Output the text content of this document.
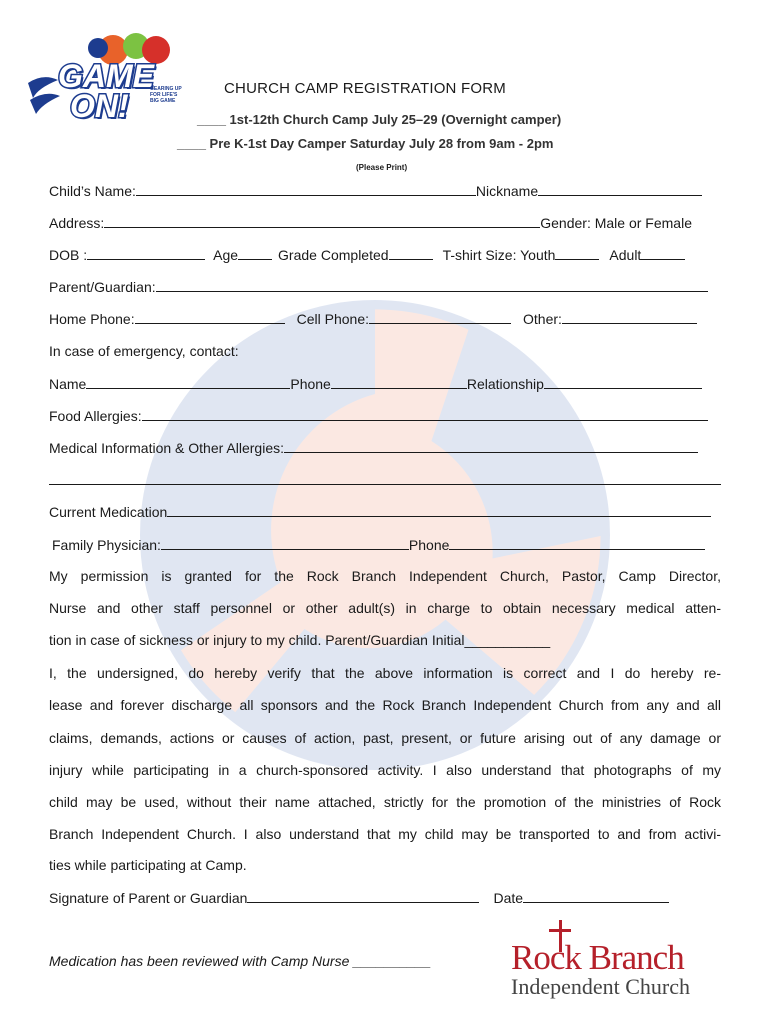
GAME
ON!	GEARING UP FOR LIFE'S BIG GAME
CHURCH CAMP REGISTRATION FORM
____ 1st-12th Church Camp July 25–29 (Overnight camper)
____ Pre K-1st Day Camper Saturday July 28 from 9am - 2pm
(Please Print)
Child’s Name:	Nickname
Address:	Gender: Male or Female
DOB :	Age	Grade Completed	T-shirt Size: Youth	Adult
Parent/Guardian:
Home Phone:	Cell Phone:	Other:
In case of emergency, contact:
Name	Phone	Relationship
Food Allergies:
Medical Information & Other Allergies:
Current Medication
Family Physician:	Phone
My permission is granted for the Rock Branch Independent Church, Pastor, Camp Director,
Nurse and other staff personnel or other adult(s) in charge to obtain necessary medical atten-
tion in case of sickness or injury to my child. Parent/Guardian Initial___________
I, the undersigned, do hereby verify that the above information is correct and I do hereby re-
lease and forever discharge all sponsors and the Rock Branch Independent Church from any and all
claims, demands, actions or causes of action, past, present, or future arising out of any damage or
injury while participating in a church-sponsored activity. I also understand that photographs of my
child may be used, without their name attached, strictly for the promotion of the ministries of Rock
Branch Independent Church. I also understand that my child may be transported to and from activi-
ties while participating at Camp.
Signature of Parent or Guardian	Date
Medication has been reviewed with Camp Nurse __________ Rock Branch
Independent Church
